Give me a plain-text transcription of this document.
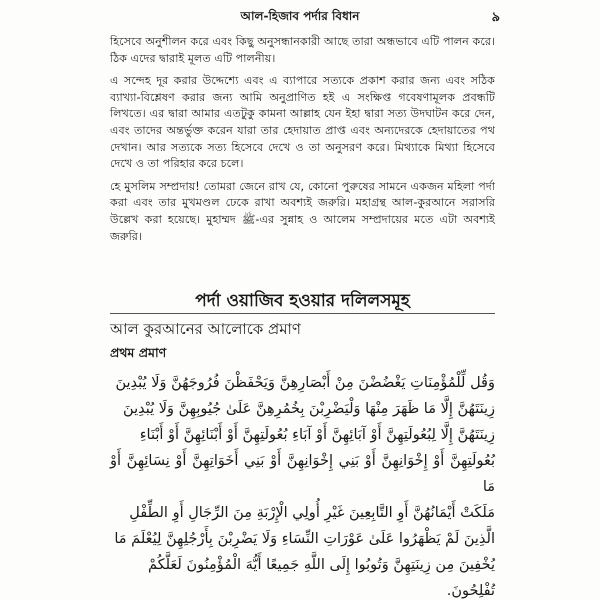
আল-হিজাব পর্দার বিধান	৯

হিসেবে অনুশীলন করে এবং কিছু অনুসন্ধানকারী আছে তারা অন্ধভাবে এটি পালন করে। ঠিক এদের দ্বারাই মূলত এটি পালনীয়।

এ সন্দেহ দূর করার উদ্দেশ্যে এবং এ ব্যাপারে সত্যকে প্রকাশ করার জন্য এবং সঠিক ব্যাখ্যা-বিশ্লেষণ করার জন্য আমি অনুপ্রাণিত হই এ সংক্ষিপ্ত গবেষণামূলক প্রবন্ধটি লিখতে। এর দ্বারা আমার এতটুকু কামনা আল্লাহ যেন ইহা দ্বারা সত্য উদঘাটন করে দেন, এবং তাদের অন্তর্ভুক্ত করেন যারা তার হেদায়াত প্রাপ্ত এবং অন্যদেরকে হেদায়াতের পথ দেখান। আর সত্যকে সত্য হিসেবে দেখে ও তা অনুসরণ করে। মিথ্যাকে মিথ্যা হিসেবে দেখে ও তা পরিহার করে চলে।

হে মুসলিম সম্প্রদায়! তোমরা জেনে রাখ যে, কোনো পুরুষের সামনে একজন মহিলা পর্দা করা এবং তার মুখমণ্ডল ঢেকে রাখা অবশ্যই জরুরি। মহাগ্রন্থ আল-কুরআনে সরাসরি উল্লেখ করা হয়েছে। মুহাম্মদ ﷺ-এর সুন্নাহ ও আলেম সম্প্রদায়ের মতে এটা অবশ্যই জরুরি।

পর্দা ওয়াজিব হওয়ার দলিলসমূহ
আল কুরআনের আলোকে প্রমাণ
প্রথম প্রমাণ
وَقُل لِّلْمُؤْمِنَاتِ يَغْضُضْنَ مِنْ أَبْصَارِهِنَّ وَيَحْفَظْنَ فُرُوجَهُنَّ وَلَا يُبْدِينَ
زِينَتَهُنَّ إِلَّا مَا ظَهَرَ مِنْهَا وَلْيَضْرِبْنَ بِخُمُرِهِنَّ عَلَىٰ جُيُوبِهِنَّ وَلَا يُبْدِينَ
زِينَتَهُنَّ إِلَّا لِبُعُولَتِهِنَّ أَوْ آبَائِهِنَّ أَوْ آبَاءِ بُعُولَتِهِنَّ أَوْ أَبْنَائِهِنَّ أَوْ أَبْنَاءِ
بُعُولَتِهِنَّ أَوْ إِخْوَانِهِنَّ أَوْ بَنِي إِخْوَانِهِنَّ أَوْ بَنِي أَخَوَاتِهِنَّ أَوْ نِسَائِهِنَّ أَوْ مَا
مَلَكَتْ أَيْمَانُهُنَّ أَوِ التَّابِعِينَ غَيْرِ أُولِي الْإِرْبَةِ مِنَ الرِّجَالِ أَوِ الطِّفْلِ
الَّذِينَ لَمْ يَظْهَرُوا عَلَىٰ عَوْرَاتِ النِّسَاءِ وَلَا يَضْرِبْنَ بِأَرْجُلِهِنَّ لِيُعْلَمَ مَا
يُخْفِينَ مِن زِينَتِهِنَّ وَتُوبُوا إِلَى اللَّهِ جَمِيعًا أَيُّهَ الْمُؤْمِنُونَ لَعَلَّكُمْ
تُفْلِحُونَ.
